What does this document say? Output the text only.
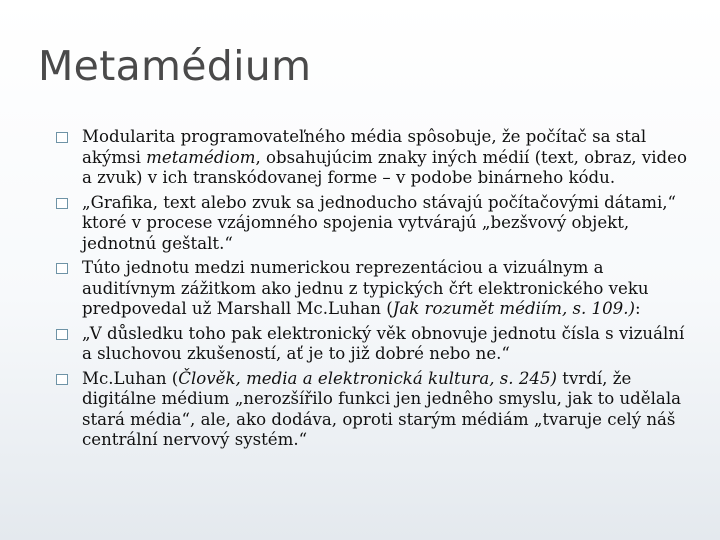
Metamédium
Modularita programovateľného média spôsobuje, že počítač sa stal akýmsi metamédiom, obsahujúcim znaky iných médií (text, obraz, video a zvuk) v ich transkódovanej forme – v podobe binárneho kódu.
„Grafika, text alebo zvuk sa jednoducho stávajú počítačovými dátami,“ ktoré v procese vzájomného spojenia vytvárajú „bezšvový objekt, jednotnú geštalt.“
Túto jednotu medzi numerickou reprezentáciou a vizuálnym a auditívnym zážitkom ako jednu z typických čŕt elektronického veku predpovedal už Marshall Mc.Luhan (Jak rozumět médiím, s. 109.):
„V důsledku toho pak elektronický věk obnovuje jednotu čísla s vizuální a sluchovou zkušeností, ať je to již dobré nebo ne.“
Mc.Luhan (Člověk, media a elektronická kultura, s. 245) tvrdí, že digitálne médium „nerozšířilo funkci jen jednêho smyslu, jak to udělala stará média“, ale, ako dodáva, oproti starým médiám „tvaruje celý náš centrální nervový systém.“
